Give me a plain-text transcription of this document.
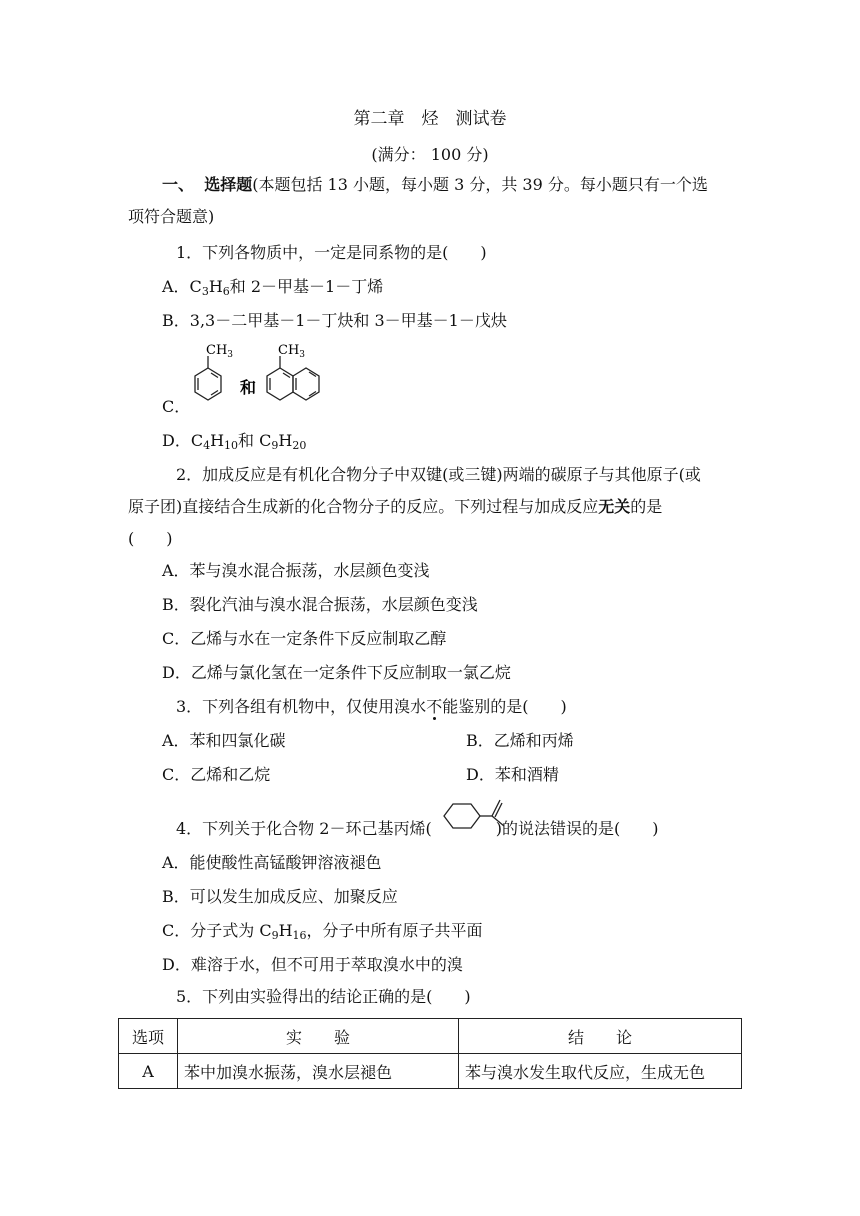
第二章　烃　测试卷
(满分： 100 分)
一、 选择题(本题包括 13 小题，每小题 3 分，共 39 分。每小题只有一个选
项符合题意)
1．下列各物质中，一定是同系物的是(　　)
A．$C_3H_6$和 2－甲基－1－丁烯
B．3,3－二甲基－1－丁炔和 3－甲基－1－戊炔
$CH_3$
和
$CH_3$
C．
D．$C_4H_{10}$和 $C_9H_{20}$
2．加成反应是有机化合物分子中双键(或三键)两端的碳原子与其他原子(或
原子团)直接结合生成新的化合物分子的反应。下列过程与加成反应无关的是
(　　)
A．苯与溴水混合振荡，水层颜色变浅
B．裂化汽油与溴水混合振荡，水层颜色变浅
C．乙烯与水在一定条件下反应制取乙醇
D．乙烯与氯化氢在一定条件下反应制取一氯乙烷
3．下列各组有机物中，仅使用溴水不能鉴别的是(　　)
A．苯和四氯化碳	B．乙烯和丙烯
C．乙烯和乙烷	D．苯和酒精
4．下列关于化合物 2－环己基丙烯(	)的说法错误的是(　　)
A．能使酸性高锰酸钾溶液褪色
B．可以发生加成反应、加聚反应
C．分子式为 $C_9H_{16}$，分子中所有原子共平面
D．难溶于水，但不可用于萃取溴水中的溴
5．下列由实验得出的结论正确的是(　　)
选项	实　　验	结　　论
A	苯中加溴水振荡，溴水层褪色	苯与溴水发生取代反应，生成无色
